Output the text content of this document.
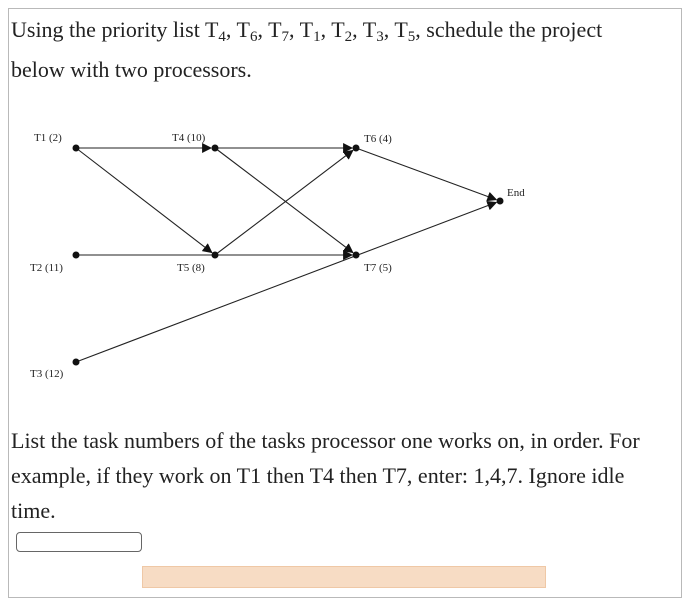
Using the priority list $T_4$, $T_6$, $T_7$, $T_1$, $T_2$, $T_3$, $T_5$, schedule the project below with two processors.
T1 (2)
T2 (11)
T3 (12)
T4 (10)
T5 (8)
T6 (4)
T7 (5)
End
List the task numbers of the tasks processor one works on, in order. For example, if they work on T1 then T4 then T7, enter: 1,4,7. Ignore idle time.
